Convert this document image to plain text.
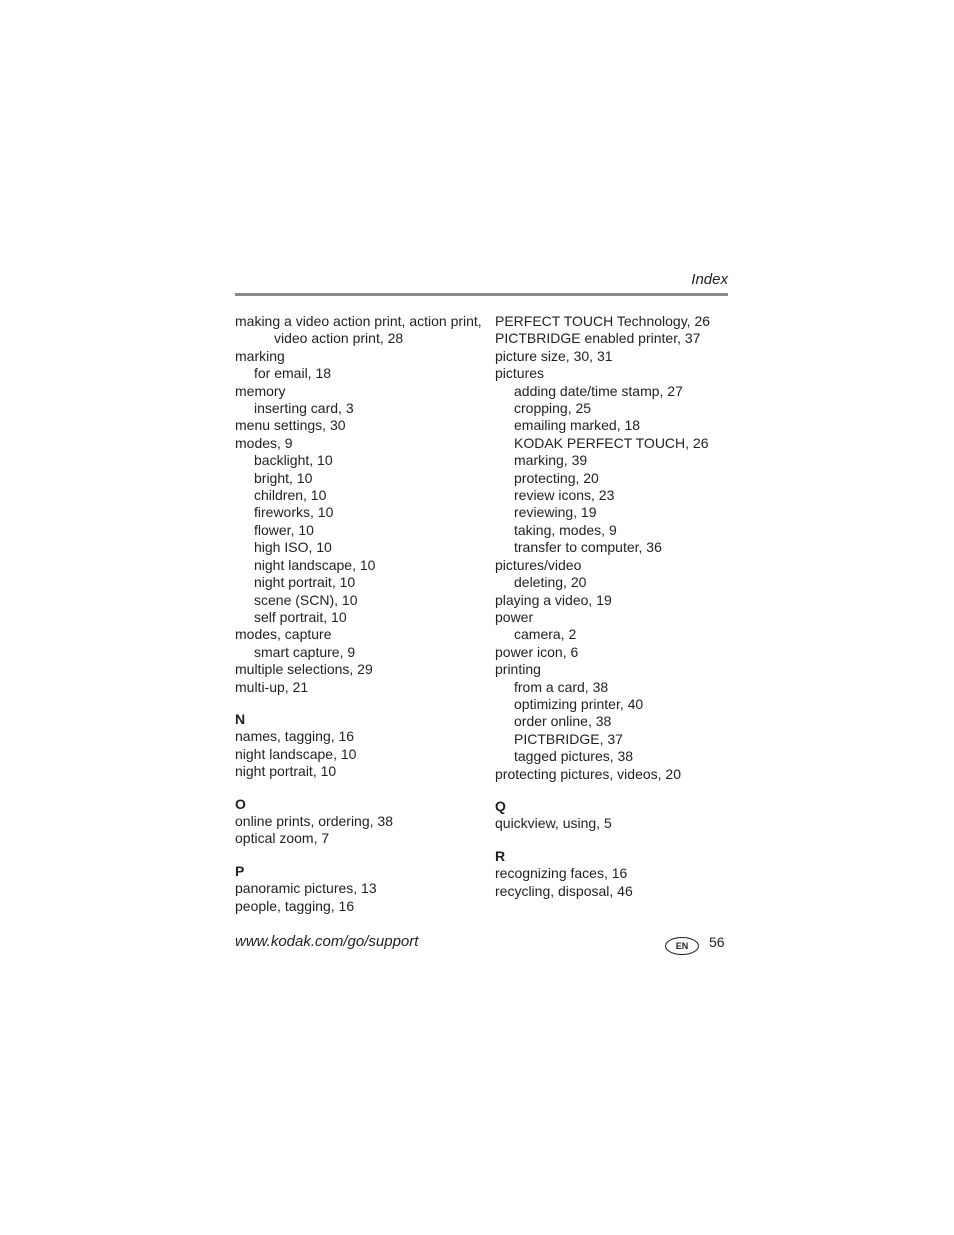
Index
making a video action print, action print,
video action print, 28
marking
for email, 18
memory
inserting card, 3
menu settings, 30
modes, 9
backlight, 10
bright, 10
children, 10
fireworks, 10
flower, 10
high ISO, 10
night landscape, 10
night portrait, 10
scene (SCN), 10
self portrait, 10
modes, capture
smart capture, 9
multiple selections, 29
multi-up, 21
N
names, tagging, 16
night landscape, 10
night portrait, 10
O
online prints, ordering, 38
optical zoom, 7
P
panoramic pictures, 13
people, tagging, 16
PERFECT TOUCH Technology, 26
PICTBRIDGE enabled printer, 37
picture size, 30, 31
pictures
adding date/time stamp, 27
cropping, 25
emailing marked, 18
KODAK PERFECT TOUCH, 26
marking, 39
protecting, 20
review icons, 23
reviewing, 19
taking, modes, 9
transfer to computer, 36
pictures/video
deleting, 20
playing a video, 19
power
camera, 2
power icon, 6
printing
from a card, 38
optimizing printer, 40
order online, 38
PICTBRIDGE, 37
tagged pictures, 38
protecting pictures, videos, 20
Q
quickview, using, 5
R
recognizing faces, 16
recycling, disposal, 46
www.kodak.com/go/support	EN	56
